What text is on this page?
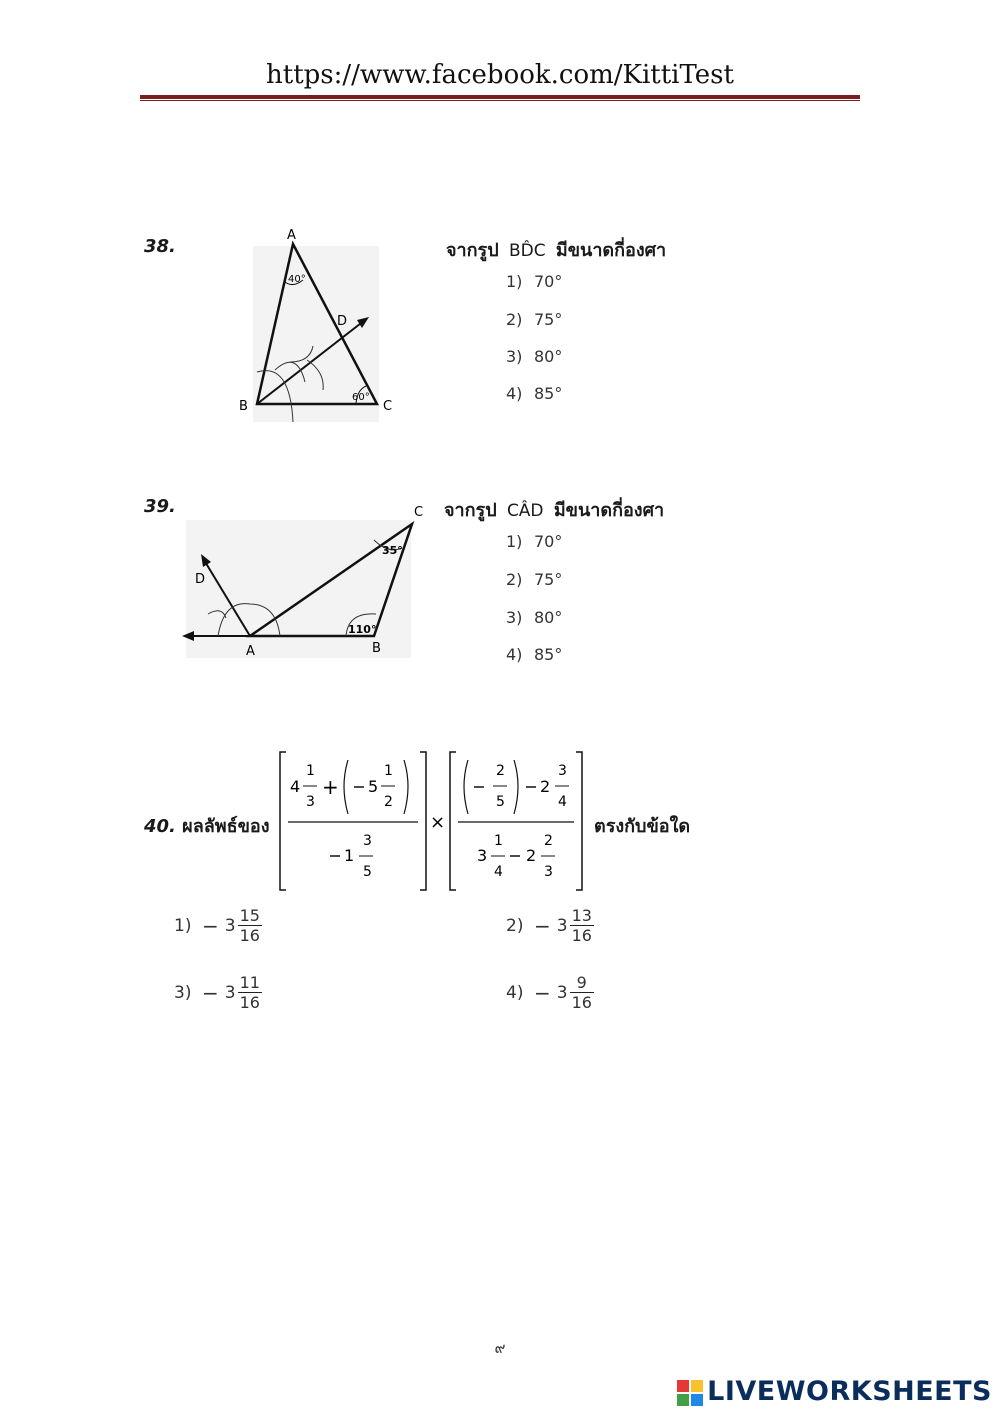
https://www.facebook.com/KittiTest
38.
A
B	C
D
40°
60°
จากรูป BD̂C มีขนาดกี่องศา
1) 70°
2) 75°
3) 80°
4) 85°
39.	C
D
A	B
35°
110°
จากรูป CÂD มีขนาดกี่องศา
1) 70°
2) 75°
3) 80°
4) 85°
40. ผลลัพธ์ของ
4
1
3
+ 5
1
2
1
3
5
×
2
5
2
3
4
3
1
4
2
2
3
ตรงกับข้อใด
$1) - 3 \frac{15}{16}$	$2) - 3 \frac{13}{16}$
$3) - 3 \frac{11}{16}$	$4) - 3 \frac{9}{16}$
๙
LIVEWORKSHEETS
